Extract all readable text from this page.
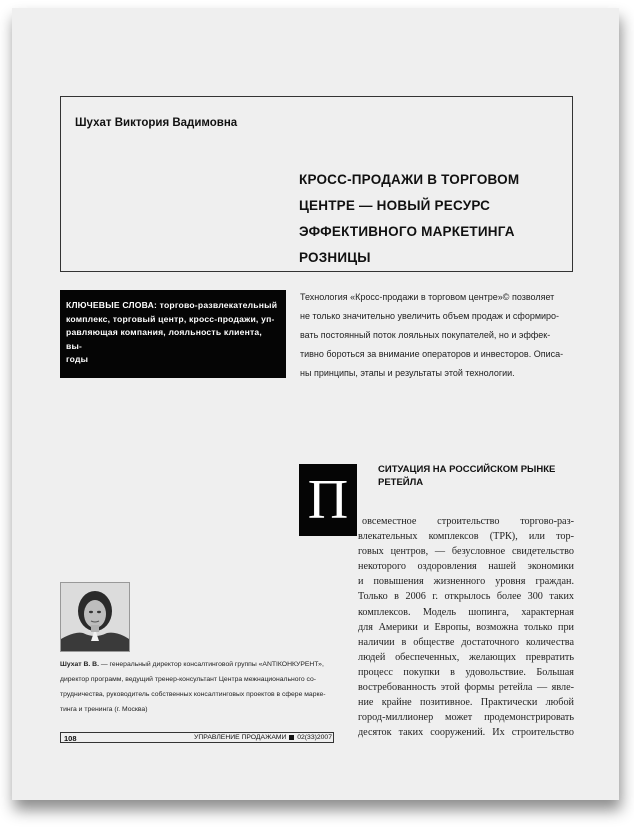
Шухат Виктория Вадимовна
КРОСС-ПРОДАЖИ В ТОРГОВОМ
ЦЕНТРЕ — НОВЫЙ РЕСУРС
ЭФФЕКТИВНОГО МАРКЕТИНГА
РОЗНИЦЫ
КЛЮЧЕВЫЕ СЛОВА: торгово-развлекательный
комплекс, торговый центр, кросс-продажи, уп-
равляющая компания, лояльность клиента, вы-
годы
Технология «Кросс-продажи в торговом центре»© позволяет
не только значительно увеличить объем продаж и сформиро-
вать постоянный поток лояльных покупателей, но и эффек-
тивно бороться за внимание операторов и инвесторов. Описа-
ны принципы, этапы и результаты этой технологии.
П	СИТУАЦИЯ НА РОССИЙСКОМ РЫНКЕ
РЕТЕЙЛА
овсеместное строительство торгово-раз-
влекательных комплексов (ТРК), или тор-
говых центров, — безусловное свидетельство
некоторого оздоровления нашей экономики
и повышения жизненного уровня граждан.
Только в 2006 г. открылось более 300 таких
комплексов. Модель шопинга, характерная
для Америки и Европы, возможна только при
наличии в обществе достаточного количества
людей обеспеченных, желающих превратить
процесс покупки в удовольствие. Большая
востребованность этой формы ретейла — явле-
ние крайне позитивное. Практически любой
город-миллионер может продемонстрировать
десяток таких сооружений. Их строительство
Шухат В. В. — генеральный директор консалтинговой группы «ANTIКОНКУРЕНТ»,
директор программ, ведущий тренер-консультант Центра межнационального со-
трудничества, руководитель собственных консалтинговых проектов в сфере марке-
тинга и тренинга (г. Москва)
108	УПРАВЛЕНИЕ ПРОДАЖАМИ 02(33)2007
